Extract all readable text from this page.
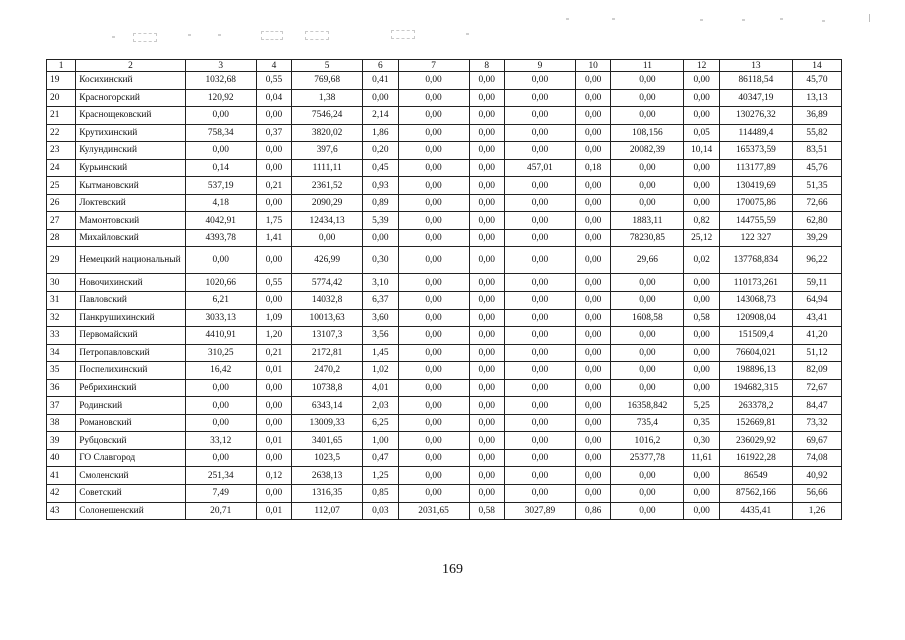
1	2	3	4	5	6	7	8	9	10	11	12	13	14
19	Косихинский	1032,68	0,55	769,68	0,41	0,00	0,00	0,00	0,00	0,00	0,00	86118,54	45,70
20	Красногорский	120,92	0,04	1,38	0,00	0,00	0,00	0,00	0,00	0,00	0,00	40347,19	13,13
21	Краснощековский	0,00	0,00	7546,24	2,14	0,00	0,00	0,00	0,00	0,00	0,00	130276,32	36,89
22	Крутихинский	758,34	0,37	3820,02	1,86	0,00	0,00	0,00	0,00	108,156	0,05	114489,4	55,82
23	Кулундинский	0,00	0,00	397,6	0,20	0,00	0,00	0,00	0,00	20082,39	10,14	165373,59	83,51
24	Курьинский	0,14	0,00	1111,11	0,45	0,00	0,00	457,01	0,18	0,00	0,00	113177,89	45,76
25	Кытмановский	537,19	0,21	2361,52	0,93	0,00	0,00	0,00	0,00	0,00	0,00	130419,69	51,35
26	Локтевский	4,18	0,00	2090,29	0,89	0,00	0,00	0,00	0,00	0,00	0,00	170075,86	72,66
27	Мамонтовский	4042,91	1,75	12434,13	5,39	0,00	0,00	0,00	0,00	1883,11	0,82	144755,59	62,80
28	Михайловский	4393,78	1,41	0,00	0,00	0,00	0,00	0,00	0,00	78230,85	25,12	122 327	39,29
29	Немецкий национальный	0,00	0,00	426,99	0,30	0,00	0,00	0,00	0,00	29,66	0,02	137768,834	96,22
30	Новочихинский	1020,66	0,55	5774,42	3,10	0,00	0,00	0,00	0,00	0,00	0,00	110173,261	59,11
31	Павловский	6,21	0,00	14032,8	6,37	0,00	0,00	0,00	0,00	0,00	0,00	143068,73	64,94
32	Панкрушихинский	3033,13	1,09	10013,63	3,60	0,00	0,00	0,00	0,00	1608,58	0,58	120908,04	43,41
33	Первомайский	4410,91	1,20	13107,3	3,56	0,00	0,00	0,00	0,00	0,00	0,00	151509,4	41,20
34	Петропавловский	310,25	0,21	2172,81	1,45	0,00	0,00	0,00	0,00	0,00	0,00	76604,021	51,12
35	Поспелихинский	16,42	0,01	2470,2	1,02	0,00	0,00	0,00	0,00	0,00	0,00	198896,13	82,09
36	Ребрихинский	0,00	0,00	10738,8	4,01	0,00	0,00	0,00	0,00	0,00	0,00	194682,315	72,67
37	Родинский	0,00	0,00	6343,14	2,03	0,00	0,00	0,00	0,00	16358,842	5,25	263378,2	84,47
38	Романовский	0,00	0,00	13009,33	6,25	0,00	0,00	0,00	0,00	735,4	0,35	152669,81	73,32
39	Рубцовский	33,12	0,01	3401,65	1,00	0,00	0,00	0,00	0,00	1016,2	0,30	236029,92	69,67
40	ГО Славгород	0,00	0,00	1023,5	0,47	0,00	0,00	0,00	0,00	25377,78	11,61	161922,28	74,08
41	Смоленский	251,34	0,12	2638,13	1,25	0,00	0,00	0,00	0,00	0,00	0,00	86549	40,92
42	Советский	7,49	0,00	1316,35	0,85	0,00	0,00	0,00	0,00	0,00	0,00	87562,166	56,66
43	Солонешенский	20,71	0,01	112,07	0,03	2031,65	0,58	3027,89	0,86	0,00	0,00	4435,41	1,26
169
